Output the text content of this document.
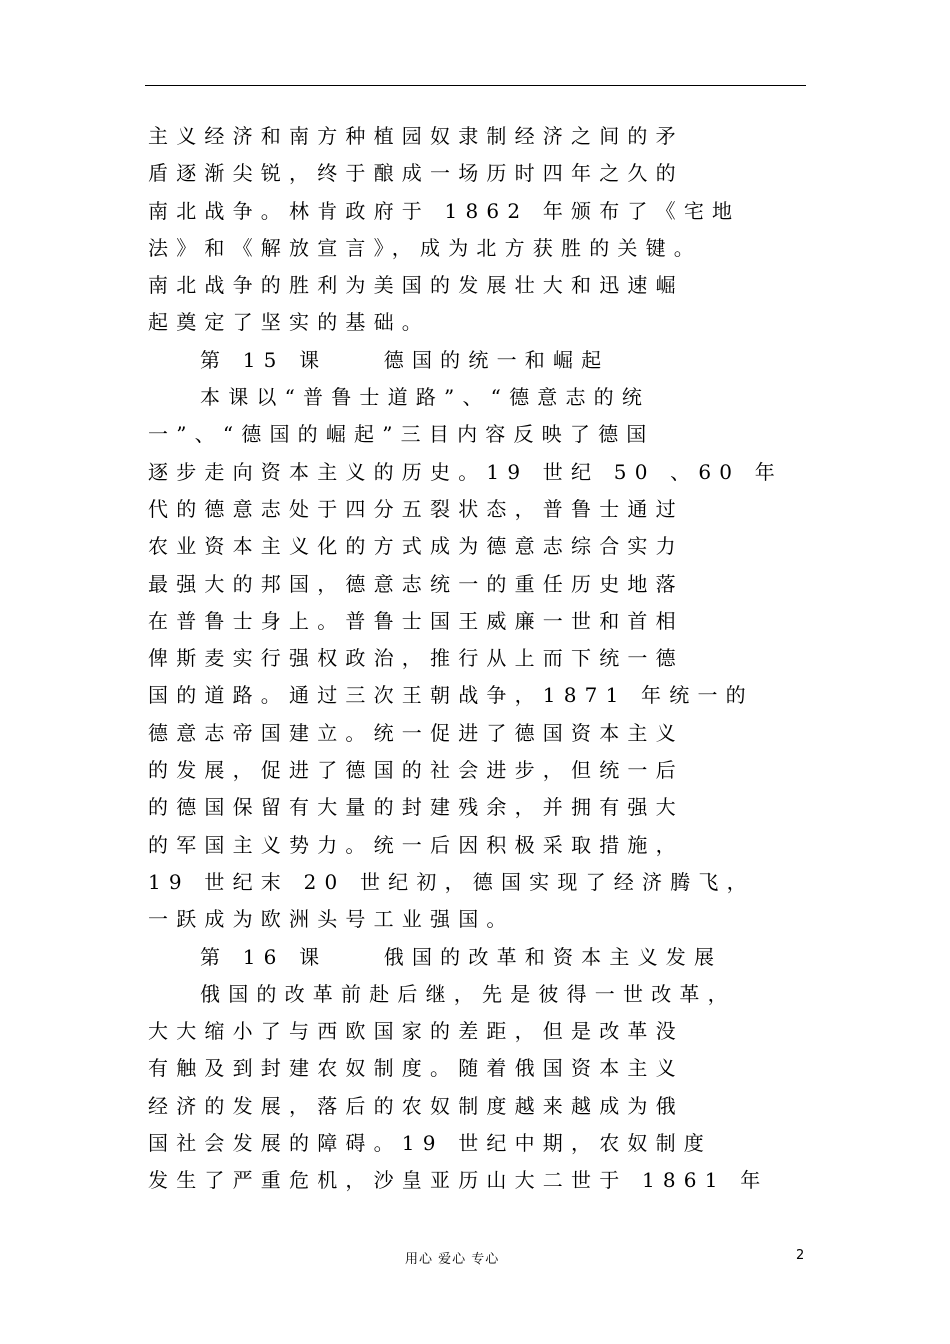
主义经济和南方种植园奴隶制经济之间的矛
盾逐渐尖锐，终于酿成一场历时四年之久的
南北战争。林肯政府于 1862 年颁布了《宅地
法》和《解放宣言》，成为北方获胜的关键。
南北战争的胜利为美国的发展壮大和迅速崛
起奠定了坚实的基础。
第 15 课　　德国的统一和崛起
本课以“普鲁士道路”、“德意志的统
一”、“德国的崛起”三目内容反映了德国
逐步走向资本主义的历史。19 世纪 50 、60 年
代的德意志处于四分五裂状态，普鲁士通过
农业资本主义化的方式成为德意志综合实力
最强大的邦国，德意志统一的重任历史地落
在普鲁士身上。普鲁士国王威廉一世和首相
俾斯麦实行强权政治，推行从上而下统一德
国的道路。通过三次王朝战争，1871 年统一的
德意志帝国建立。统一促进了德国资本主义
的发展，促进了德国的社会进步，但统一后
的德国保留有大量的封建残余，并拥有强大
的军国主义势力。统一后因积极采取措施，
19 世纪末 20 世纪初，德国实现了经济腾飞，
一跃成为欧洲头号工业强国。
第 16 课　　俄国的改革和资本主义发展
俄国的改革前赴后继，先是彼得一世改革，
大大缩小了与西欧国家的差距，但是改革没
有触及到封建农奴制度。随着俄国资本主义
经济的发展，落后的农奴制度越来越成为俄
国社会发展的障碍。19 世纪中期，农奴制度
发生了严重危机，沙皇亚历山大二世于 1861 年
用心 爱心 专心	2
